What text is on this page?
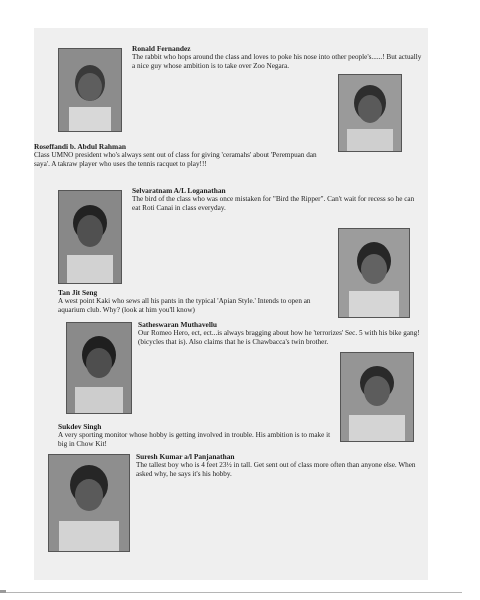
Ronald Fernandez

The rabbit who hops around the class and loves to poke his nose into other people's......! But actually a nice guy whose ambition is to take over Zoo Negara.

Roseffandi b. Abdul Rahman

Class UMNO president who's always sent out of class for giving 'ceramahs' about 'Perempuan dan saya'. A takraw player who uses the tennis racquet to play!!!

Selvaratnam A/L Loganathan

The bird of the class who was once mistaken for "Bird the Ripper". Can't wait for recess so he can eat Roti Canai in class everyday.

Tan Jit Seng

A west point Kaki who sews all his pants in the typical 'Apian Style.' Intends to open an aquarium club. Why? (look at him you'll know)

Satheswaran Muthavellu

Our Romeo Hero, ect, ect...is always bragging about how he 'terrorizes' Sec. 5 with his bike gang! (bicycles that is). Also claims that he is Chawbacca's twin brother.

Sukdev Singh

A very sporting monitor whose hobby is getting involved in trouble. His ambition is to make it big in Chow Kit!

Suresh Kumar a/l Panjanathan

The tallest boy who is 4 feet 23½ in tall. Get sent out of class more often than anyone else. When asked why, he says it's his hobby.
